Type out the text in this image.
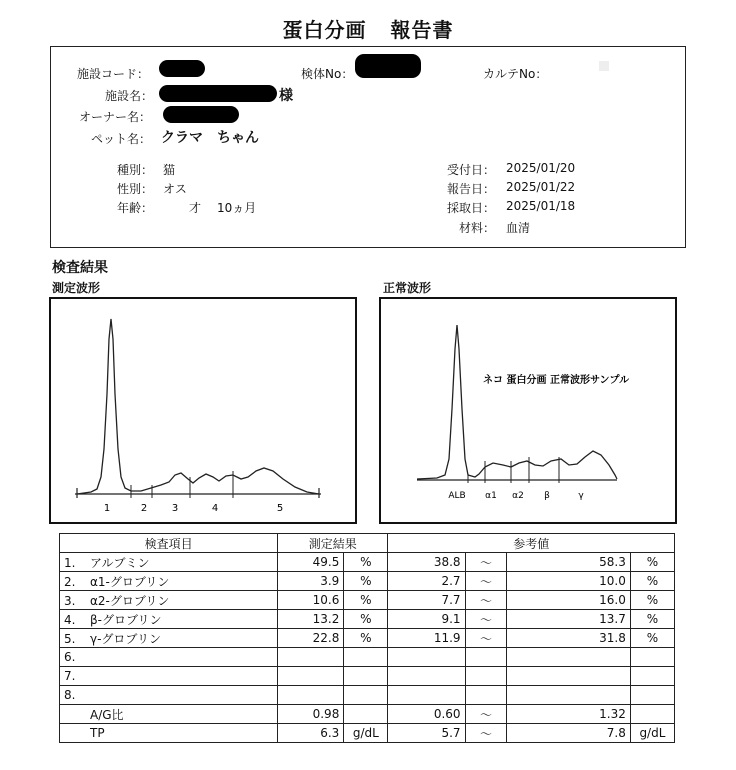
蛋白分画 報告書
施設コード：	検体No：	カルテNo：
施設名：	様
オーナー名：
ペット名： クラマ　ちゃん
種別： 猫
性別： オス
年齢：	才 10ヵ月
受付日： 2025/01/20
報告日： 2025/01/22
採取日： 2025/01/18
材料： 血清
検査結果
測定波形	正常波形
1	2 3	4	5
ネコ 蛋白分画 正常波形サンプル
ALB α1 α2 β	γ
検査項目	測定結果		参考値			
1. アルブミン	49.5	%	38.8	～	58.3	%
2. α1-グロブリン	3.9	%	2.7	～	10.0	%
3. α2-グロブリン	10.6	%	7.7	～	16.0	%
4. β-グロブリン	13.2	%	9.1	～	13.7	%
5. γ-グロブリン	22.8	%	11.9	～	31.8	%
6.						
7.						
8.						
A/G比	0.98		0.60	～	1.32	
TP	6.3	g/dL	5.7	～	7.8	g/dL
